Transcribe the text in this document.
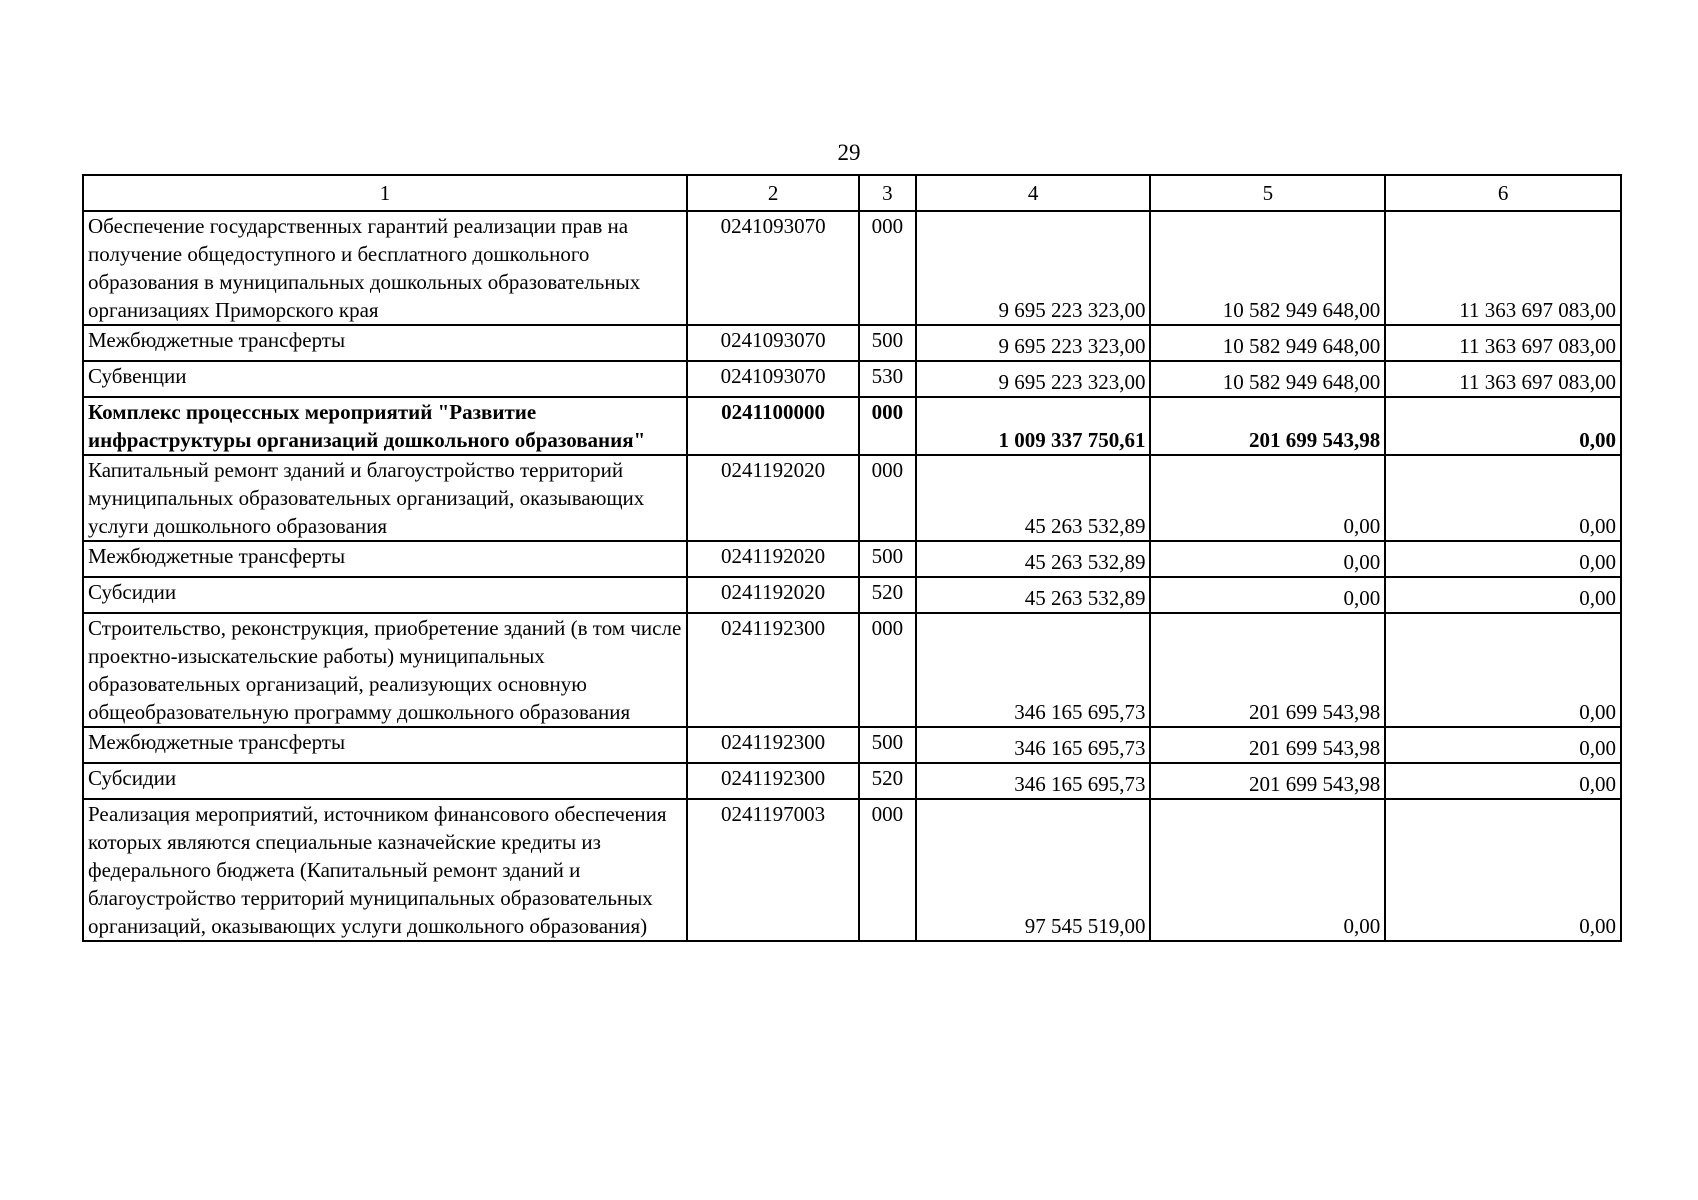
29
1	2	3	4	5	6
Обеспечение государственных гарантий реализации прав на получение общедоступного и бесплатного дошкольного образования в муниципальных дошкольных образовательных организациях Приморского края	0241093070	000	9 695 223 323,00	10 582 949 648,00	11 363 697 083,00
Межбюджетные трансферты	0241093070	500	9 695 223 323,00	10 582 949 648,00	11 363 697 083,00
Субвенции	0241093070	530	9 695 223 323,00	10 582 949 648,00	11 363 697 083,00
Комплекс процессных мероприятий "Развитие инфраструктуры организаций дошкольного образования"	0241100000	000	1 009 337 750,61	201 699 543,98	0,00
Капитальный ремонт зданий и благоустройство территорий муниципальных образовательных организаций, оказывающих услуги дошкольного образования	0241192020	000	45 263 532,89	0,00	0,00
Межбюджетные трансферты	0241192020	500	45 263 532,89	0,00	0,00
Субсидии	0241192020	520	45 263 532,89	0,00	0,00
Строительство, реконструкция, приобретение зданий (в том числе проектно-изыскательские работы) муниципальных образовательных организаций, реализующих основную общеобразовательную программу дошкольного образования	0241192300	000	346 165 695,73	201 699 543,98	0,00
Межбюджетные трансферты	0241192300	500	346 165 695,73	201 699 543,98	0,00
Субсидии	0241192300	520	346 165 695,73	201 699 543,98	0,00
Реализация мероприятий, источником финансового обеспечения которых являются специальные казначейские кредиты из федерального бюджета (Капитальный ремонт зданий и благоустройство территорий муниципальных образовательных организаций, оказывающих услуги дошкольного образования)	0241197003	000	97 545 519,00	0,00	0,00
